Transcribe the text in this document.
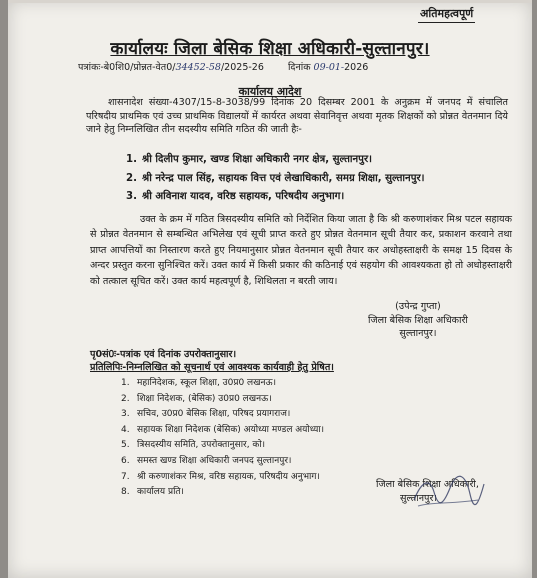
अतिमहत्वपूर्ण
कार्यालयः जिला बेसिक शिक्षा अधिकारी-सुल्तानपुर।
पत्रांकः-बे0शि0/प्रोन्नत-वेत0/34452-58/2025-26	दिनांक 09-01-2026
कार्यालय आदेश
शासनादेश संख्या-4307/15-8-3038/99 दिनांक 20 दिसम्बर 2001 के अनुक्रम में जनपद में संचालित परिषदीय प्राथमिक एवं उच्च प्राथमिक विद्यालयों में कार्यरत अथवा सेवानिवृत्त अथवा मृतक शिक्षकों को प्रोन्नत वेतनमान दिये जाने हेतु निम्नलिखित तीन सदस्यीय समिति गठित की जाती हैः-
1. श्री दिलीप कुमार, खण्ड शिक्षा अधिकारी नगर क्षेत्र, सुल्तानपुर।
2. श्री नरेन्द्र पाल सिंह, सहायक वित्त एवं लेखाधिकारी, समग्र शिक्षा, सुल्तानपुर।
3. श्री अविनाश यादव, वरिष्ठ सहायक, परिषदीय अनुभाग।
उक्त के क्रम में गठित त्रिसदस्यीय समिति को निर्देशित किया जाता है कि श्री करुणाशंकर मिश्र पटल सहायक से प्रोन्नत वेतनमान से सम्बन्धित अभिलेख एवं सूची प्राप्त करते हुए प्रोन्नत वेतनमान सूची तैयार कर, प्रकाशन करवाने तथा प्राप्त आपत्तियों का निस्तारण करते हुए नियमानुसार प्रोन्नत वेतनमान सूची तैयार कर अधोहस्ताक्षरी के समक्ष 15 दिवस के अन्दर प्रस्तुत करना सुनिश्चित करें। उक्त कार्य में किसी प्रकार की कठिनाई एवं सहयोग की आवश्यकता हो तो अधोहस्ताक्षरी को तत्काल सूचित करें। उक्त कार्य महत्वपूर्ण है, शिथिलता न बरती जाय।
(उपेन्द्र गुप्ता)
जिला बेसिक शिक्षा अधिकारी
सुल्तानपुर।
पृ0सं0ः-पत्रांक एवं दिनांक उपरोक्तानुसार।
प्रतिलिपिः-निम्नलिखित को सूचनार्थ एवं आवश्यक कार्यवाही हेतु प्रेषित।
1. महानिदेशक, स्कूल शिक्षा, उ0प्र0 लखनऊ।
2. शिक्षा निदेशक, (बेसिक) उ0प्र0 लखनऊ।
3. सचिव, उ0प्र0 बेसिक शिक्षा, परिषद प्रयागराज।
4. सहायक शिक्षा निदेशक (बेसिक) अयोध्या मण्डल अयोध्या।
5. त्रिसदस्यीय समिति, उपरोक्तानुसार, को।
6. समस्त खण्ड शिक्षा अधिकारी जनपद सुल्तानपुर।
7. श्री करुणाशंकर मिश्र, वरिष्ठ सहायक, परिषदीय अनुभाग।
8. कार्यालय प्रति।
जिला बेसिक शिक्षा अधिकारी,
सुल्तानपुर।
